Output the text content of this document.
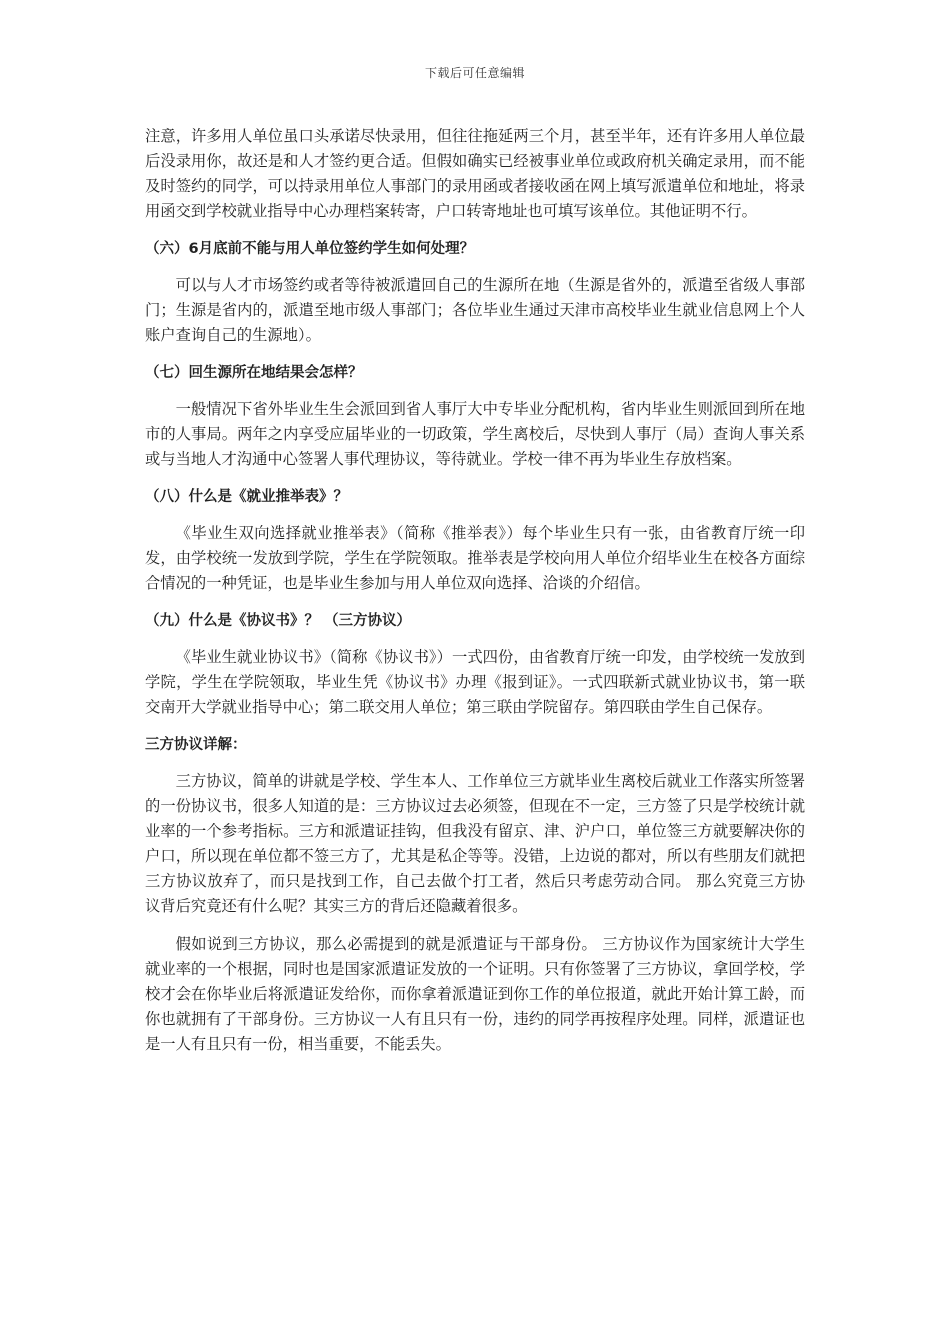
下载后可任意编辑

注意，许多用人单位虽口头承诺尽快录用，但往往拖延两三个月，甚至半年，还有许多用人单位最后没录用你，故还是和人才签约更合适。但假如确实已经被事业单位或政府机关确定录用，而不能及时签约的同学，可以持录用单位人事部门的录用函或者接收函在网上填写派遣单位和地址，将录用函交到学校就业指导中心办理档案转寄，户口转寄地址也可填写该单位。其他证明不行。

（六）6月底前不能与用人单位签约学生如何处理？

可以与人才市场签约或者等待被派遣回自己的生源所在地（生源是省外的，派遣至省级人事部门；生源是省内的，派遣至地市级人事部门；各位毕业生通过天津市高校毕业生就业信息网上个人账户查询自己的生源地）。

（七）回生源所在地结果会怎样？

一般情况下省外毕业生生会派回到省人事厅大中专毕业分配机构，省内毕业生则派回到所在地市的人事局。两年之内享受应届毕业的一切政策，学生离校后，尽快到人事厅（局）查询人事关系或与当地人才沟通中心签署人事代理协议，等待就业。学校一律不再为毕业生存放档案。

（八）什么是《就业推举表》？

《毕业生双向选择就业推举表》（简称《推举表》）每个毕业生只有一张，由省教育厅统一印发，由学校统一发放到学院，学生在学院领取。推举表是学校向用人单位介绍毕业生在校各方面综合情况的一种凭证，也是毕业生参加与用人单位双向选择、洽谈的介绍信。

（九）什么是《协议书》？ （三方协议）

《毕业生就业协议书》（简称《协议书》）一式四份，由省教育厅统一印发，由学校统一发放到学院，学生在学院领取，毕业生凭《协议书》办理《报到证》。一式四联新式就业协议书，第一联交南开大学就业指导中心；第二联交用人单位；第三联由学院留存。第四联由学生自己保存。

三方协议详解：

三方协议，简单的讲就是学校、学生本人、工作单位三方就毕业生离校后就业工作落实所签署的一份协议书，很多人知道的是：三方协议过去必须签，但现在不一定，三方签了只是学校统计就业率的一个参考指标。三方和派遣证挂钩，但我没有留京、津、沪户口，单位签三方就要解决你的户口，所以现在单位都不签三方了，尤其是私企等等。没错，上边说的都对，所以有些朋友们就把三方协议放弃了，而只是找到工作，自己去做个打工者，然后只考虑劳动合同。 那么究竟三方协议背后究竟还有什么呢？其实三方的背后还隐藏着很多。

假如说到三方协议，那么必需提到的就是派遣证与干部身份。 三方协议作为国家统计大学生就业率的一个根据，同时也是国家派遣证发放的一个证明。只有你签署了三方协议，拿回学校，学校才会在你毕业后将派遣证发给你，而你拿着派遣证到你工作的单位报道，就此开始计算工龄，而你也就拥有了干部身份。三方协议一人有且只有一份，违约的同学再按程序处理。同样，派遣证也是一人有且只有一份，相当重要，不能丢失。
